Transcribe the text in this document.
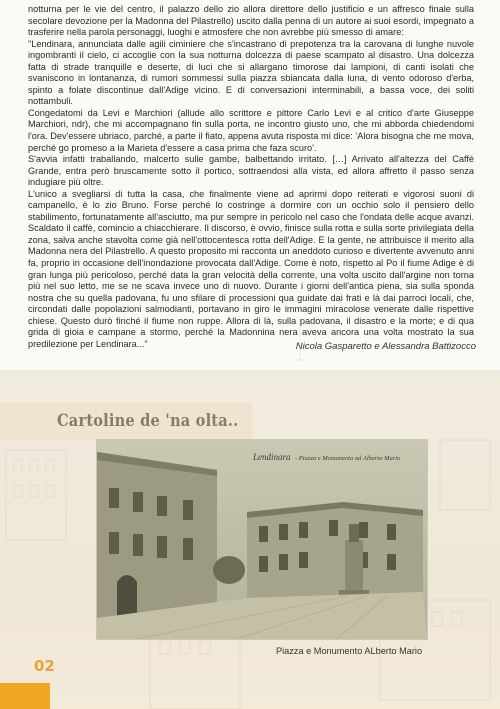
notturna per le vie del centro, il palazzo dello zio allora direttore dello justificio e un affresco finale sulla secolare devozione per la Madonna del Pilastrello) uscito dalla penna di un autore ai suoi esordi, impegnato a trasferire nella parola personaggi, luoghi e atmosfere che non avrebbe più smesso di amare:

"Lendinara, annunciata dalle agili ciminiere che s'incastrano di prepotenza tra la carovana di lunghe nuvole ingombranti il cielo, ci accoglie con la sua notturna dolcezza di paese scampato al disastro. Una dolcezza fatta di strade tranquille e deserte, di luci che si allargano timorose dai lampioni, di canti isolati che svaniscono in lontananza, di rumori sommessi sulla piazza sbiancata dalla luna, di vento odoroso d'erba, spinto a folate discontinue dall'Adige vicino. E di conversazioni interminabili, a bassa voce, dei soliti nottambuli.

Congedatomi da Levi e Marchiori (allude allo scrittore e pittore Carlo Levi e al critico d'arte Giuseppe Marchiori, ndr), che mi accompagnano fin sulla porta, ne incontro giusto uno, che mi abborda chiedendomi l'ora. Dev'essere ubriaco, parché, a parte il fiato, appena avuta risposta mi dice: 'Alora bisogna che me mova, perché go promeso a la Marieta d'essere a casa prima che faza scuro'.

S'avvia infatti traballando, malcerto sulle gambe, balbettando irritato. […] Arrivato all'altezza del Caffè Grande, entra però bruscamente sotto il portico, sottraendosi alla vista, ed allora affretto il passo senza indugiare più oltre.

L'unico a svegliarsi di tutta la casa, che finalmente viene ad aprirmi dopo reiterati e vigorosi suoni di campanello, è lo zio Bruno. Forse perché lo costringe a dormire con un occhio solo il pensiero dello stabilimento, fortunatamente all'asciutto, ma pur sempre in pericolo nel caso che l'ondata delle acque avanzi. Scaldato il caffè, comincio a chiacchierare. Il discorso, è ovvio, finisce sulla rotta e sulla sorte privilegiata della zona, salva anche stavolta come già nell'ottocentesca rotta dell'Adige. E la gente, ne attribuisce il merito alla Madonna nera del Pilastrello. A questo proposito mi racconta un aneddoto curioso e divertente avvenuto anni fa, proprio in occasione dell'inondazione provocata dall'Adige. Come è noto, rispetto al Po il fiume Adige è di gran lunga più pericoloso, perché data la gran velocità della corrente, una volta uscito dall'argine non torna più nel suo letto, me se ne scava invece uno di nuovo. Durante i giorni dell'antica piena, sia sulla sponda nostra che su quella padovana, fu uno sfilare di processioni qua guidate dai frati e là dai parroci locali, che, circondati dalle popolazioni salmodianti, portavano in giro le immagini miracolose venerate dalle rispettive chiese. Questo durò finché il fiume non ruppe. Allora di là, sulla padovana, il disastro e la morte; e di qua grida di gioia e campane a stormo, perché la Madonnina nera aveva ancora una volta mostrato la sua predilezione per Lendinara..."	Nicola Gasparetto e Alessandra Battizocco
Cartoline de 'na olta..
Lendinara - Piazza e Monumento ad Alberto Mario
Piazza e Monumento ALberto Mario
02
